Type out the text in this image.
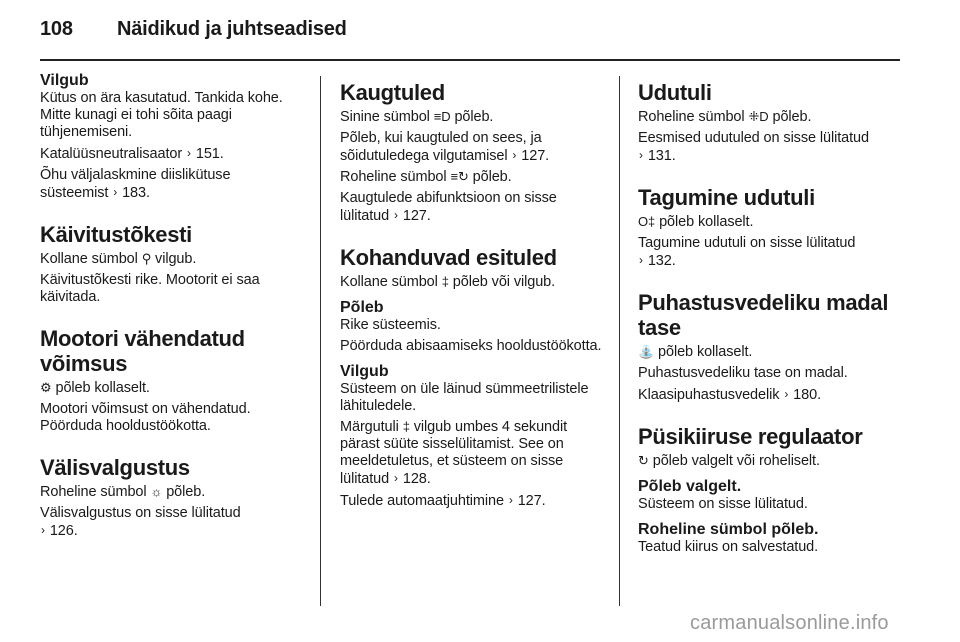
108	Näidikud ja juhtseadised

Vilgub

Kütus on ära kasutatud. Tankida kohe. Mitte kunagi ei tohi sõita paagi tühjenemiseni.

Katalüüsneutralisaator › 151.

Õhu väljalaskmine diislikütuse süsteemist › 183.

Käivitustõkesti

Kollane sümbol ⚲ vilgub.

Käivitustõkesti rike. Mootorit ei saa käivitada.

Mootori vähendatud võimsus

⚙ põleb kollaselt.

Mootori võimsust on vähendatud. Pöörduda hooldustöökotta.

Välisvalgustus

Roheline sümbol ☼ põleb.

Välisvalgustus on sisse lülitatud
› 126.

Kaugtuled

Sinine sümbol ≡D põleb.

Põleb, kui kaugtuled on sees, ja sõidutuledega vilgutamisel › 127.

Roheline sümbol ≡↻ põleb.

Kaugtulede abifunktsioon on sisse lülitatud › 127.

Kohanduvad esituled

Kollane sümbol ‡ põleb või vilgub.

Põleb

Rike süsteemis.

Pöörduda abisaamiseks hooldustöökotta.

Vilgub

Süsteem on üle läinud sümmeetrilistele lähituledele.

Märgutuli ‡ vilgub umbes 4 sekundit pärast süüte sisselülitamist. See on meeldetuletus, et süsteem on sisse lülitatud › 128.

Tulede automaatjuhtimine › 127.

Udutuli

Roheline sümbol ⁜D põleb.

Eesmised udutuled on sisse lülitatud
› 131.

Tagumine udutuli

O‡ põleb kollaselt.

Tagumine udutuli on sisse lülitatud
› 132.

Puhastusvedeliku madal tase

⛲ põleb kollaselt.

Puhastusvedeliku tase on madal.

Klaasipuhastusvedelik › 180.

Püsikiiruse regulaator

↻ põleb valgelt või roheliselt.

Põleb valgelt.

Süsteem on sisse lülitatud.

Roheline sümbol põleb.

Teatud kiirus on salvestatud.

carmanualsonline.info
